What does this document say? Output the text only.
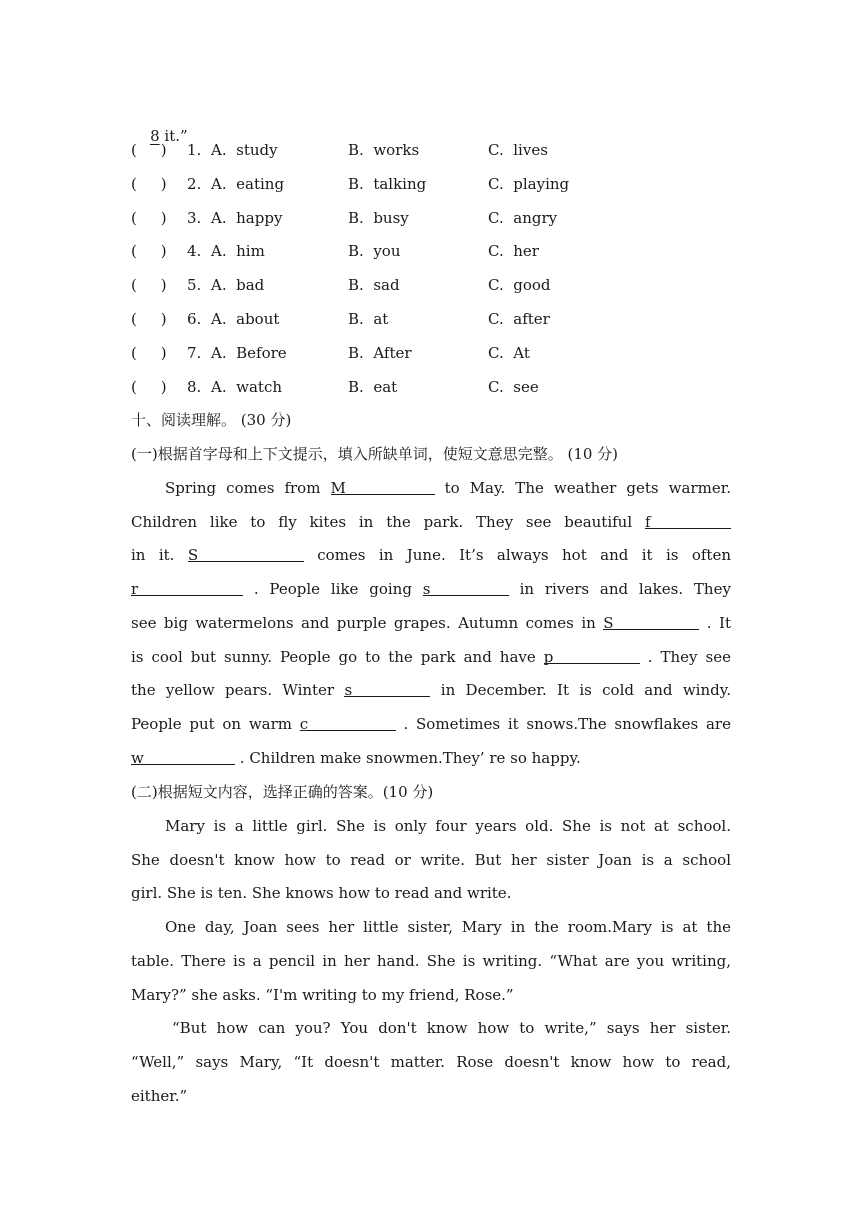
8 it.”

(     ) 1. A.  study	B.  works	C.  lives
(     ) 2. A.  eating	B.  talking	C.  playing
(     ) 3. A.  happy	B.  busy	C.  angry
(     ) 4. A.  him	B.  you	C.  her
(     ) 5. A.  bad	B.  sad	C.  good
(     ) 6. A.  about	B.  at	C.  after
(     ) 7. A.  Before	B.  After	C.  At
(     ) 8. A.  watch	B.  eat	C.  see
十、阅读理解。 (30 分)
(一)根据首字母和上下文提示，填入所缺单词，使短文意思完整。 (10 分)
Spring comes from M	to May. The weather gets warmer.
Children like to fly kites in the park. They see beautiful f
in it. S	comes in June. It’s always hot and it is often
r	. People like going s	in rivers and lakes. They
see big watermelons and purple grapes. Autumn comes in S	. It
is cool but sunny. People go to the park and have p	. They see
the yellow pears. Winter s	in December. It is cold and windy.
People put on warm c	. Sometimes it snows.The snowflakes are
w	. Children make snowmen.They’ re so happy.
(二)根据短文内容，选择正确的答案。(10 分)
Mary is a little girl. She is only four years old. She is not at school.
She doesn't know how to read or write. But her sister Joan is a school
girl. She is ten. She knows how to read and write.
One day, Joan sees her little sister, Mary in the room.Mary is at the
table. There is a pencil in her hand. She is writing. “What are you writing,
Mary?” she asks. “I'm writing to my friend, Rose.”
“But how can you? You don't know how to write,” says her sister.
“Well,” says Mary, “It doesn't matter. Rose doesn't know how to read,
either.”
